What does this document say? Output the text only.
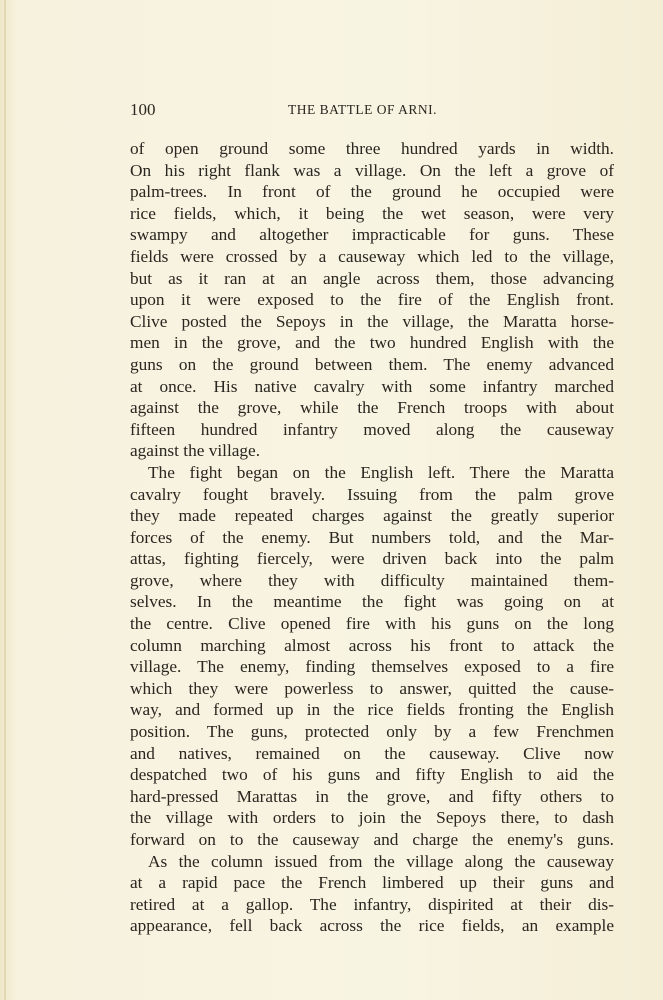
100	THE BATTLE OF ARNI.
of open ground some three hundred yards in width.
On his right flank was a village. On the left a grove of
palm-trees. In front of the ground he occupied were
rice fields, which, it being the wet season, were very
swampy and altogether impracticable for guns. These
fields were crossed by a causeway which led to the village,
but as it ran at an angle across them, those advancing
upon it were exposed to the fire of the English front.
Clive posted the Sepoys in the village, the Maratta horse-
men in the grove, and the two hundred English with the
guns on the ground between them. The enemy advanced
at once. His native cavalry with some infantry marched
against the grove, while the French troops with about
fifteen hundred infantry moved along the causeway
against the village.
The fight began on the English left. There the Maratta
cavalry fought bravely. Issuing from the palm grove
they made repeated charges against the greatly superior
forces of the enemy. But numbers told, and the Mar-
attas, fighting fiercely, were driven back into the palm
grove, where they with difficulty maintained them-
selves. In the meantime the fight was going on at
the centre. Clive opened fire with his guns on the long
column marching almost across his front to attack the
village. The enemy, finding themselves exposed to a fire
which they were powerless to answer, quitted the cause-
way, and formed up in the rice fields fronting the English
position. The guns, protected only by a few Frenchmen
and natives, remained on the causeway. Clive now
despatched two of his guns and fifty English to aid the
hard-pressed Marattas in the grove, and fifty others to
the village with orders to join the Sepoys there, to dash
forward on to the causeway and charge the enemy's guns.
As the column issued from the village along the causeway
at a rapid pace the French limbered up their guns and
retired at a gallop. The infantry, dispirited at their dis-
appearance, fell back across the rice fields, an example
